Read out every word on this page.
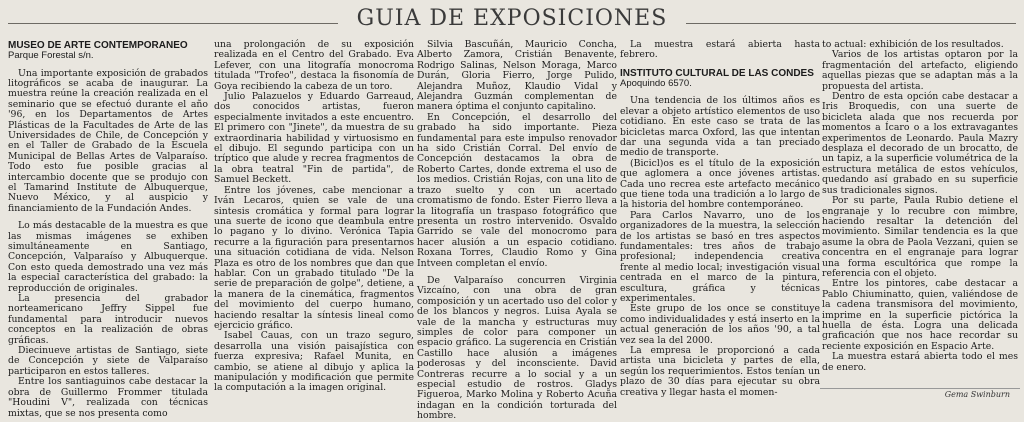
GUIA DE EXPOSICIONES
MUSEO DE ARTE CONTEMPORANEO
Parque Forestal s/n.

Una importante exposición de grabados litográficos se acaba de inaugurar. La muestra reúne la creación realizada en el seminario que se efectuó durante el año '96, en los Departamentos de Artes Plásticas de la Facultades de Arte de las Universidades de Chile, de Concepción y en el Taller de Grabado de la Escuela Municipal de Bellas Artes de Valparaíso. Todo esto fue posible gracias al intercambio docente que se produjo con el Tamarind Institute de Albuquerque, Nuevo México, y al auspicio y financiamiento de la Fundación Andes.

Lo más destacable de la muestra es que las mismas imágenes se exhiben simultáneamente en Santiago, Concepción, Valparaíso y Albuquerque. Con esto queda demostrado una vez más la especial característica del grabado: la reproducción de originales.

La presencia del grabador norteamericano Jeffry Sippel fue fundamental para introducir nuevos conceptos en la realización de obras gráficas.

Diecinueve artistas de Santiago, siete de Concepción y siete de Valparaíso participaron en estos talleres.

Entre los santiaguinos cabe destacar la obra de Guillermo Frommer titulada "Houdini V", realizada con técnicas mixtas, que se nos presenta como

una prolongación de su exposición realizada en el Centro del Grabado. Eva Lefever, con una litografía monocroma titulada "Trofeo", destaca la fisonomía de Goya recibiendo la cabeza de un toro.

Julio Palazuelos y Eduardo Garreaud, dos conocidos artistas, fueron especialmente invitados a este encuentro. El primero con "Jinete", da muestra de su extraordinaria habilidad y virtuosismo en el dibujo. El segundo participa con un tríptico que alude y recrea fragmentos de la obra teatral "Fin de partida", de Samuel Beckett.

Entre los jóvenes, cabe mencionar a Iván Lecaros, quien se vale de una sintesis cromática y formal para lograr una suerte de icono que deambula entre lo pagano y lo divino. Verónica Tapia recurre a la figuración para presentarnos una situación cotidiana de vida. Nelson Plaza es otro de los nombres que dan que hablar. Con un grabado titulado "De la serie de preparación de golpe", detiene, a la manera de la cinemática, fragmentos del movimiento del cuerpo humano, haciendo resaltar la síntesis lineal como ejercicio gráfico.

Isabel Cauas, con un trazo seguro, desarrolla una visión paisajística con fuerza expresiva; Rafael Munita, en cambio, se atiene al dibujo y aplica la manipulación y modificación que permite la computación a la imagen original.

Silvia Bascuñán, Mauricio Concha, Alberto Zamora, Cristián Benavente, Rodrigo Salinas, Nelson Moraga, Marco Durán, Gloria Fierro, Jorge Pulido, Alejandra Muñoz, Klaudio Vidal y Alejandra Guzmán complementan de manera óptima el conjunto capitalino.

En Concepción, el desarrollo del grabado ha sido importante. Pieza fundamental para este impulso renovador ha sido Cristián Corral. Del envío de Concepción destacamos la obra de Roberto Cartes, donde extrema el uso de los medios. Cristián Rojas, con una lito de trazo suelto y con un acertado cromatismo de fondo. Ester Fierro lleva a la litografía un traspaso fotográfico que presenta un rostro intervenido. Osvaldo Garrido se vale del monocromo para hacer alusión a un espacio cotidiano. Roxana Torres, Claudio Romo y Gina Intveen completan el envío.

De Valparaíso concurren Virginia Vizcaíno, con una obra de gran composición y un acertado uso del color y de los blancos y negros. Luisa Ayala se vale de la mancha y estructuras muy simples de color para componer un espacio gráfico. La sugerencia en Cristián Castillo hace alusión a imágenes poderosas y del inconsciente. David Contreras recurre a lo social y a un especial estudio de rostros. Gladys Figueroa, Marko Molina y Roberto Acuña indagan en la condición torturada del hombre.

La muestra estará abierta hasta febrero.

INSTITUTO CULTURAL DE LAS CONDES
Apoquindo 6570.

Una tendencia de los últimos años es elevar a objeto artístico elementos de uso cotidiano. En este caso se trata de las bicicletas marca Oxford, las que intentan dar una segunda vida a tan preciado medio de transporte.

(Bicicl)os es el título de la exposición que aglomera a once jóvenes artistas. Cada uno recrea este artefacto mecánico que tiene toda una tradición a lo largo de la historia del hombre contemporáneo.

Para Carlos Navarro, uno de los organizadores de la muestra, la selección de los artistas se basó en tres aspectos fundamentales: tres años de trabajo profesional; independencia creativa frente al medio local; investigación visual centrada en el marco de la pintura, escultura, gráfica y técnicas experimentales.

Este grupo de los once se constituye como individualidades y está inserto en la actual generación de los años '90, a tal vez sea la del 2000.

La empresa le proporcionó a cada artista una bicicleta y partes de ella, según los requerimientos. Estos tenían un plazo de 30 días para ejecutar su obra creativa y llegar hasta el momen-

to actual: exhibición de los resultados.

Varios de los artistas optaron por la fragmentación del artefacto, eligiendo aquellas piezas que se adaptan más a la propuesta del artista.

Dentro de esta opción cabe destacar a Iris Broquedis, con una suerte de bicicleta alada que nos recuerda por momentos a Ícaro o a los extravagantes experimentos de Leonardo. Paula Mazry desplaza el decorado de un brocatto, de un tapiz, a la superficie volumétrica de la estructura metálica de estos vehículos, quedando así grabado en su superficie sus tradicionales signos.

Por su parte, Paula Rubio detiene el engranaje y lo recubre con mimbre, haciendo resaltar la detención del movimiento. Similar tendencia es la que asume la obra de Paola Vezzani, quien se concentra en el engranaje para lograr una forma escultórica que rompe la referencia con el objeto.

Entre los pintores, cabe destacar a Pablo Chiuminatto, quien, valiéndose de la cadena transmisora del movimiento, imprime en la superficie pictórica la huella de ésta. Logra una delicada graficación que nos hace recordar su reciente exposición en Espacio Arte.

La muestra estará abierta todo el mes de enero.

Gema Swinburn
